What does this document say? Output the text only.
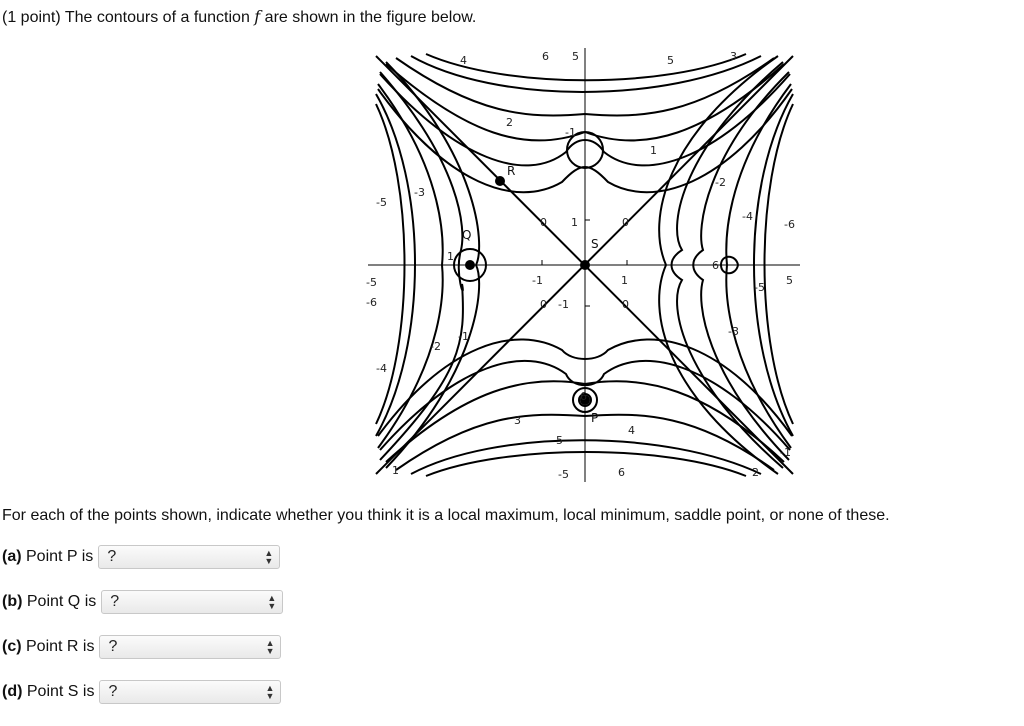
(1 point) The contours of a function f are shown in the figure below.
R
Q
S
P
4	6 5	5	3
2
-1
1
-5
-3
1
-5
-6
-4
-2
-1
0 1	0
-1	1
0 -1	0
-2
-4
-6
6
-5
5
-3
-1
1
3
5
6
4
-5	6	2
For each of the points shown, indicate whether you think it is a local maximum, local minimum, saddle point, or none of these.
(a) Point P is ?	▲
▼
(b) Point Q is ?	▲
▼
(c) Point R is ?	▲
▼
(d) Point S is ?	▲
▼
